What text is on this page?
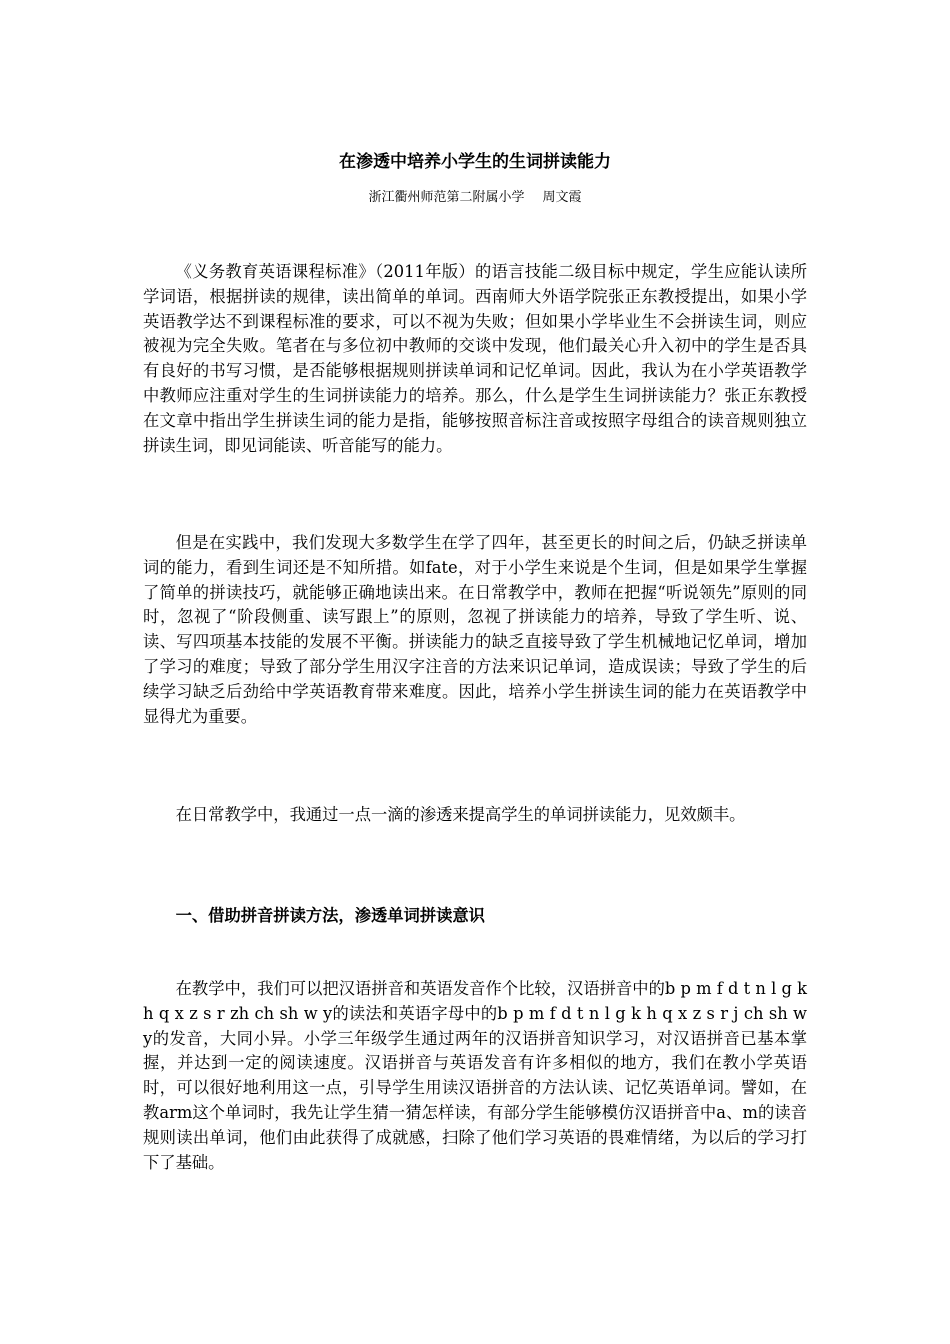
在渗透中培养小学生的生词拼读能力
浙江衢州师范第二附属小学 周文霞

《义务教育英语课程标准》（2011年版）的语言技能二级目标中规定，学生应能认读所学词语，根据拼读的规律，读出简单的单词。西南师大外语学院张正东教授提出，如果小学英语教学达不到课程标准的要求，可以不视为失败；但如果小学毕业生不会拼读生词，则应被视为完全失败。笔者在与多位初中教师的交谈中发现，他们最关心升入初中的学生是否具有良好的书写习惯，是否能够根据规则拼读单词和记忆单词。因此，我认为在小学英语教学中教师应注重对学生的生词拼读能力的培养。那么，什么是学生生词拼读能力？张正东教授在文章中指出学生拼读生词的能力是指，能够按照音标注音或按照字母组合的读音规则独立拼读生词，即见词能读、听音能写的能力。

但是在实践中，我们发现大多数学生在学了四年，甚至更长的时间之后，仍缺乏拼读单词的能力，看到生词还是不知所措。如fate，对于小学生来说是个生词，但是如果学生掌握了简单的拼读技巧，就能够正确地读出来。在日常教学中，教师在把握“听说领先”原则的同时，忽视了“阶段侧重、读写跟上”的原则，忽视了拼读能力的培养，导致了学生听、说、读、写四项基本技能的发展不平衡。拼读能力的缺乏直接导致了学生机械地记忆单词，增加了学习的难度；导致了部分学生用汉字注音的方法来识记单词，造成误读；导致了学生的后续学习缺乏后劲给中学英语教育带来难度。因此，培养小学生拼读生词的能力在英语教学中显得尤为重要。

在日常教学中，我通过一点一滴的渗透来提高学生的单词拼读能力，见效颇丰。

一、借助拼音拼读方法，渗透单词拼读意识

在教学中，我们可以把汉语拼音和英语发音作个比较，汉语拼音中的b p m f d t n l g k h q x z s r zh ch sh w y的读法和英语字母中的b p m f d t n l g k h q x z s r j ch sh w y的发音，大同小异。小学三年级学生通过两年的汉语拼音知识学习，对汉语拼音已基本掌握，并达到一定的阅读速度。汉语拼音与英语发音有许多相似的地方，我们在教小学英语时，可以很好地利用这一点，引导学生用读汉语拼音的方法认读、记忆英语单词。譬如，在教arm这个单词时，我先让学生猜一猜怎样读，有部分学生能够模仿汉语拼音中a、m的读音规则读出单词，他们由此获得了成就感，扫除了他们学习英语的畏难情绪，为以后的学习打下了基础。
